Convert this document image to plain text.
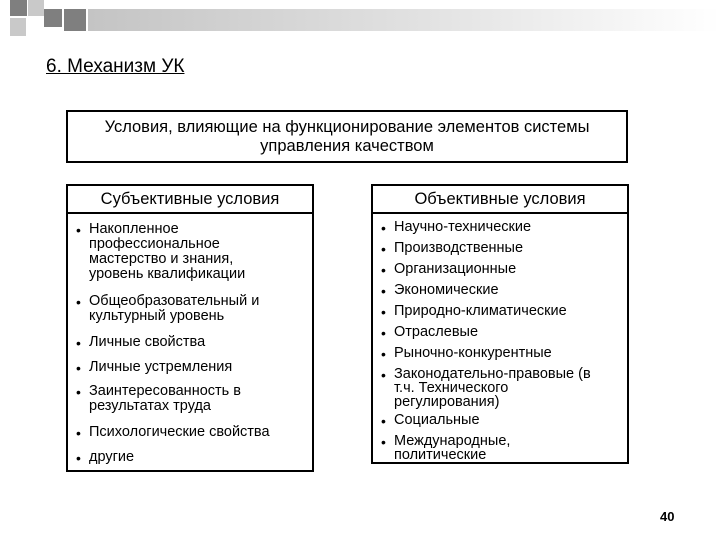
6. Механизм УК
Условия, влияющие на функционирование элементов системы
управления качеством
Субъективные условия
• Накопленное
профессиональное
мастерство и знания,
уровень квалификации
• Общеобразовательный и
культурный уровень
• Личные свойства
• Личные устремления
• Заинтересованность в
результатах труда
• Психологические свойства
• другие
Объективные условия
• Научно-технические
• Производственные
• Организационные
• Экономические
• Природно-климатические
• Отраслевые
• Рыночно-конкурентные
• Законодательно-правовые (в
т.ч. Технического
регулирования)
• Социальные
• Международные,
политические
40
